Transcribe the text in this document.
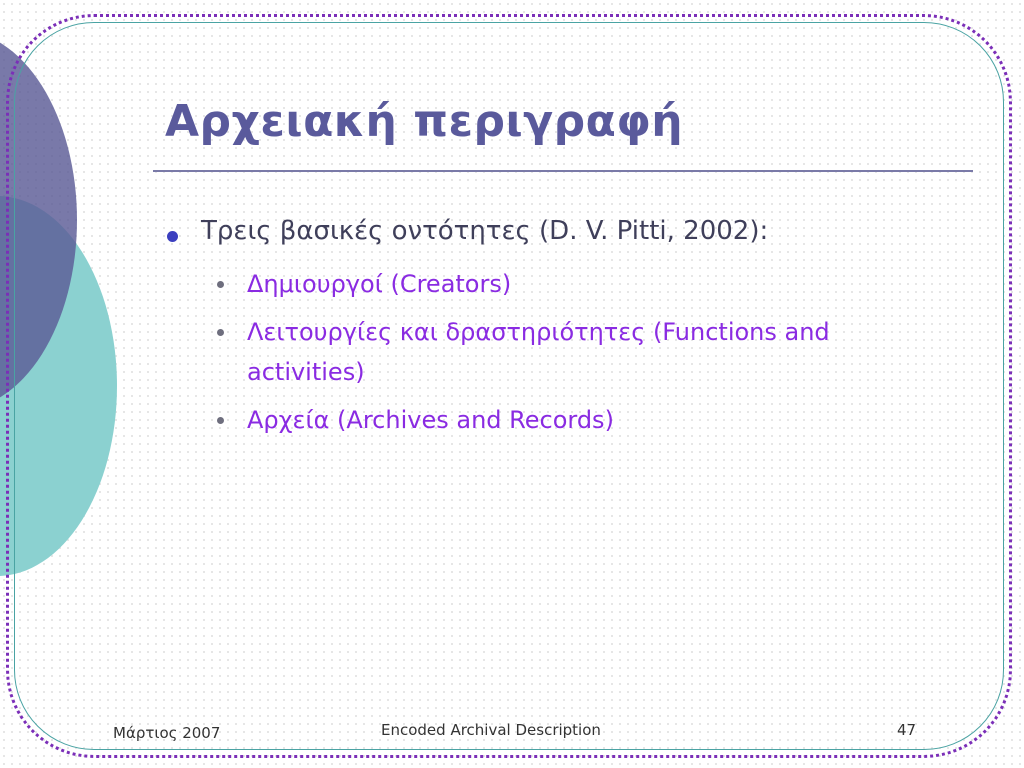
Αρχειακή περιγραφή
Τρεις βασικές οντότητες (D. V. Pitti, 2002):
Δημιουργοί (Creators)
Λειτουργίες και δραστηριότητες (Functions and activities)
Αρχεία (Archives and Records)
Μάρτιος 2007	Encoded Archival Description	47
